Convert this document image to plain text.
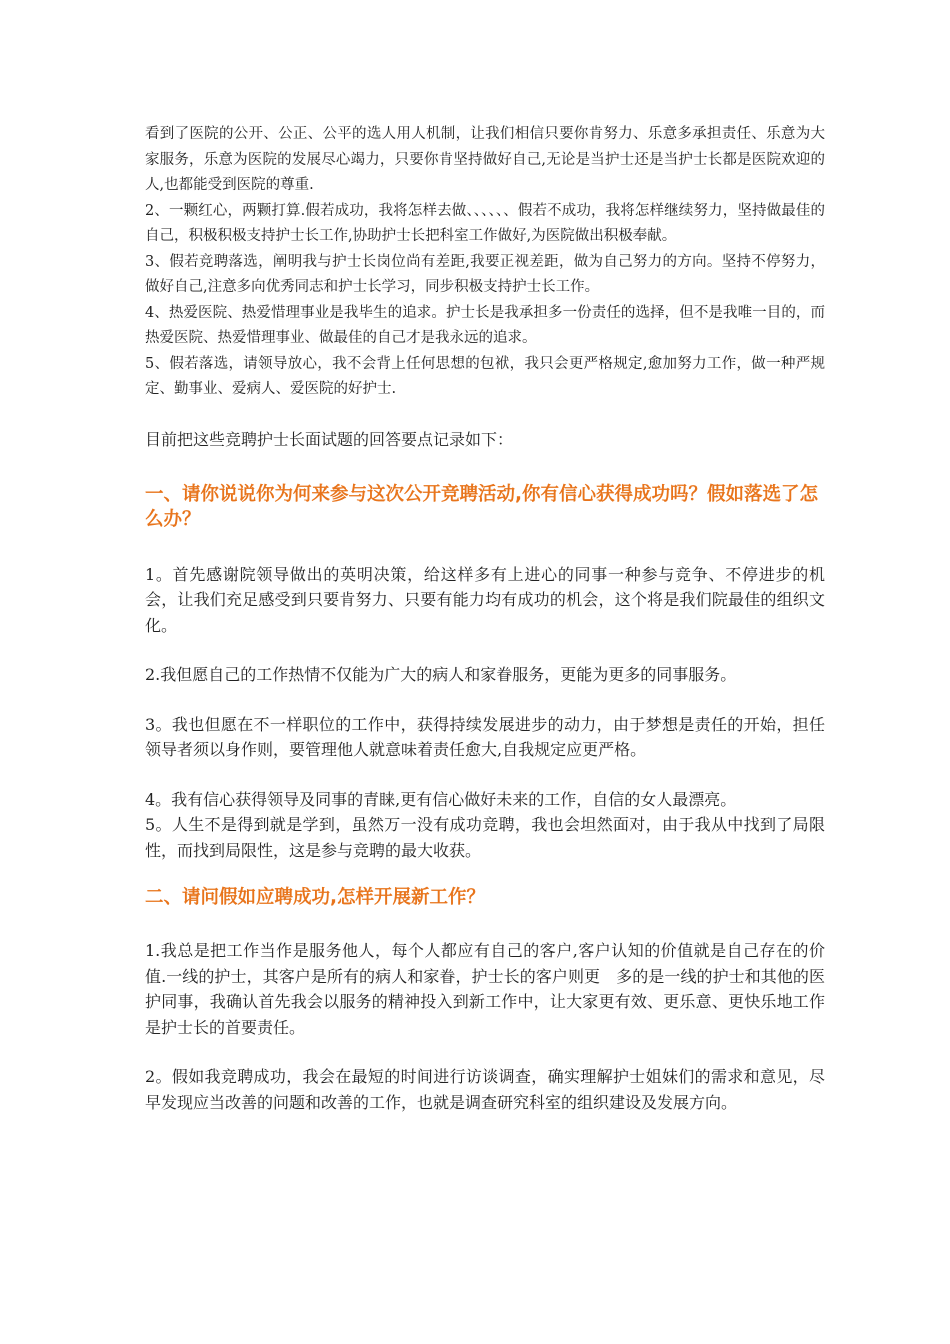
看到了医院的公开、公正、公平的选人用人机制，让我们相信只要你肯努力、乐意多承担责任、乐意为大家服务，乐意为医院的发展尽心竭力，只要你肯坚持做好自己,无论是当护士还是当护士长都是医院欢迎的人,也都能受到医院的尊重.

2、一颗红心，两颗打算.假若成功，我将怎样去做、、、、、、假若不成功，我将怎样继续努力，坚持做最佳的自己，积极积极支持护士长工作,协助护士长把科室工作做好,为医院做出积极奉献。

3、假若竞聘落选，阐明我与护士长岗位尚有差距,我要正视差距，做为自己努力的方向。坚持不停努力，做好自己,注意多向优秀同志和护士长学习，同步积极支持护士长工作。

4、热爱医院、热爱惜理事业是我毕生的追求。护士长是我承担多一份责任的选择，但不是我唯一目的，而热爱医院、热爱惜理事业、做最佳的自己才是我永远的追求。

5、假若落选，请领导放心，我不会背上任何思想的包袱，我只会更严格规定,愈加努力工作，做一种严规定、勤事业、爱病人、爱医院的好护士.

目前把这些竞聘护士长面试题的回答要点记录如下：

一、请你说说你为何来参与这次公开竞聘活动,你有信心获得成功吗？假如落选了怎么办？

1。首先感谢院领导做出的英明决策，给这样多有上进心的同事一种参与竞争、不停进步的机会，让我们充足感受到只要肯努力、只要有能力均有成功的机会，这个将是我们院最佳的组织文化。

2.我但愿自己的工作热情不仅能为广大的病人和家眷服务，更能为更多的同事服务。

3。我也但愿在不一样职位的工作中，获得持续发展进步的动力，由于梦想是责任的开始，担任领导者须以身作则，要管理他人就意味着责任愈大,自我规定应更严格。

4。我有信心获得领导及同事的青睐,更有信心做好未来的工作，自信的女人最漂亮。

5。人生不是得到就是学到，虽然万一没有成功竞聘，我也会坦然面对，由于我从中找到了局限性，而找到局限性，这是参与竞聘的最大收获。

二、请问假如应聘成功,怎样开展新工作？

1.我总是把工作当作是服务他人，每个人都应有自己的客户,客户认知的价值就是自己存在的价值.一线的护士，其客户是所有的病人和家眷，护士长的客户则更　多的是一线的护士和其他的医护同事，我确认首先我会以服务的精神投入到新工作中，让大家更有效、更乐意、更快乐地工作是护士长的首要责任。

2。假如我竞聘成功，我会在最短的时间进行访谈调查，确实理解护士姐妹们的需求和意见，尽早发现应当改善的问题和改善的工作，也就是调查研究科室的组织建设及发展方向。
